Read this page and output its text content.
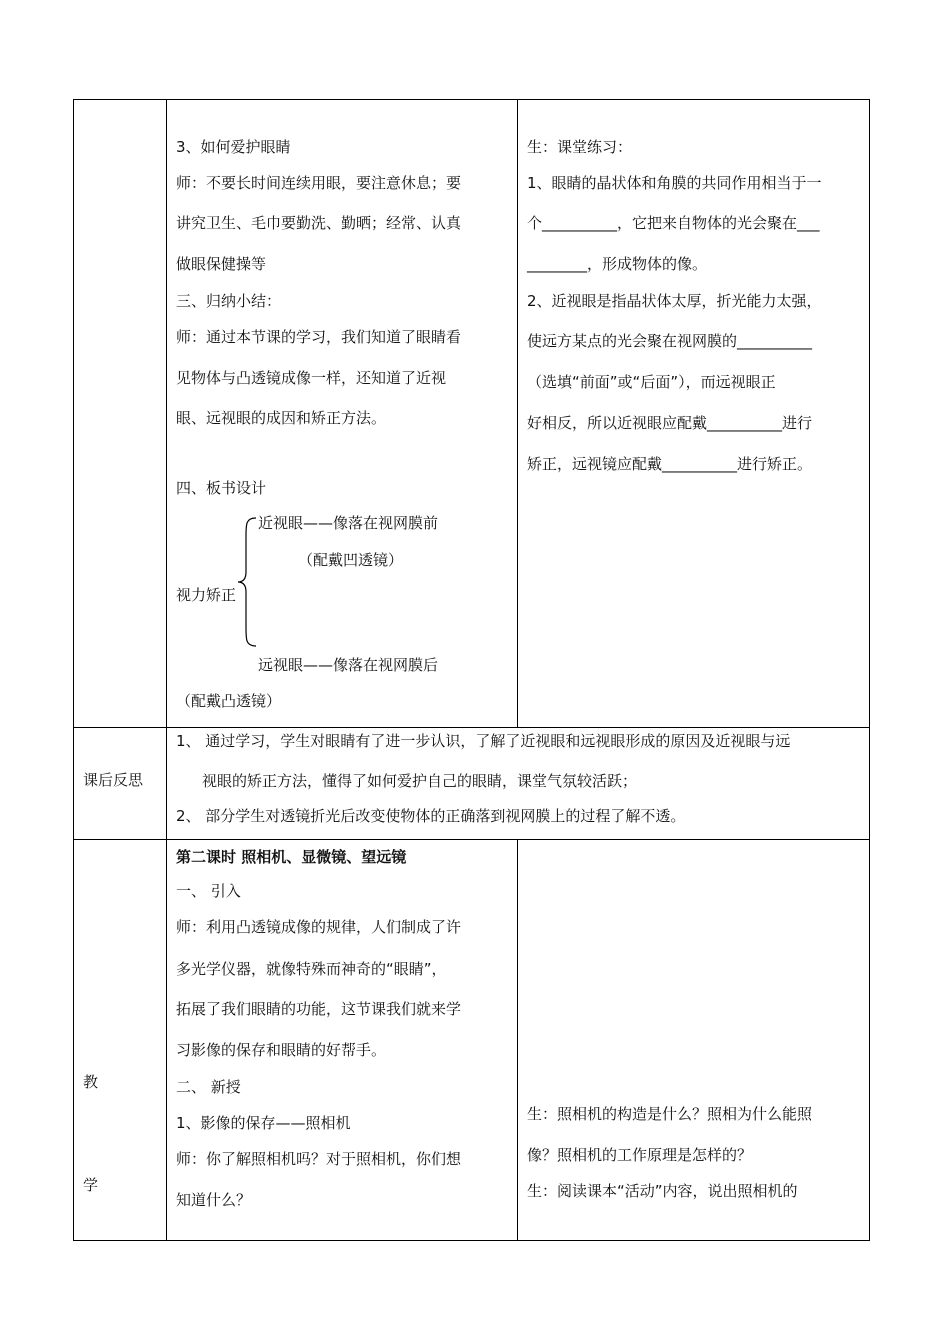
3、如何爱护眼睛
师：不要长时间连续用眼，要注意休息；要
讲究卫生、毛巾要勤洗、勤晒；经常、认真
做眼保健操等
三、归纳小结：
师：通过本节课的学习，我们知道了眼睛看
见物体与凸透镜成像一样，还知道了近视
眼、远视眼的成因和矫正方法。
四、板书设计
近视眼——像落在视网膜前
（配戴凹透镜）
视力矫正
远视眼——像落在视网膜后
（配戴凸透镜）
生：课堂练习：
1、眼睛的晶状体和角膜的共同作用相当于一
个__________，它把来自物体的光会聚在___
________，形成物体的像。
2、近视眼是指晶状体太厚，折光能力太强，
使远方某点的光会聚在视网膜的__________
（选填“前面”或“后面”），而远视眼正
好相反，所以近视眼应配戴__________进行
矫正，远视镜应配戴__________进行矫正。
课后反思
1、 通过学习，学生对眼睛有了进一步认识，了解了近视眼和远视眼形成的原因及近视眼与远
视眼的矫正方法，懂得了如何爱护自己的眼睛，课堂气氛较活跃；
2、 部分学生对透镜折光后改变使物体的正确落到视网膜上的过程了解不透。
教
学
第二课时 照相机、显微镜、望远镜
一、 引入
师：利用凸透镜成像的规律，人们制成了许
多光学仪器，就像特殊而神奇的“眼睛”，
拓展了我们眼睛的功能，这节课我们就来学
习影像的保存和眼睛的好帮手。
二、 新授
1、影像的保存——照相机
师：你了解照相机吗？对于照相机，你们想
知道什么？
生：照相机的构造是什么？照相为什么能照
像？照相机的工作原理是怎样的？
生：阅读课本“活动”内容，说出照相机的
